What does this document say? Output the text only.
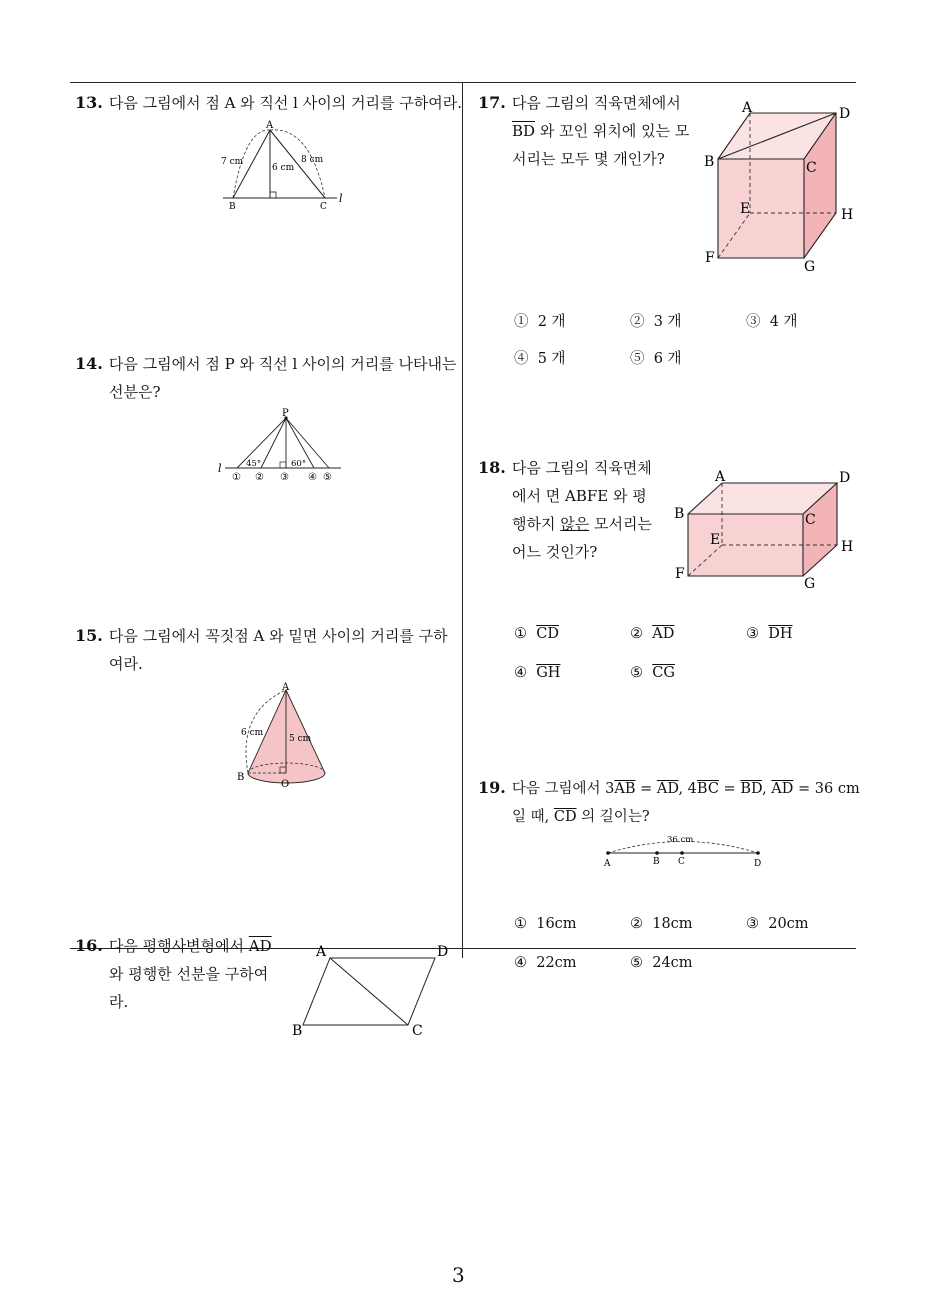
13. 다음 그림에서 점 A 와 직선 l 사이의 거리를 구하여라.
A
B	C
l
7 cm	8 cm
6 cm
14. 다음 그림에서 점 P 와 직선 l 사이의 거리를 나타내는
선분은?
P
l	45°	60°
① ② ③ ④ ⑤
15. 다음 그림에서 꼭짓점 A 와 밑면 사이의 거리를 구하
여라.
A
B
O
6 cm
5 cm
16. 다음 평행사변형에서 $\overline{AD}$
와 평행한 선분을 구하여
라.
A	D
B	C
17. 다음 그림의 직육면체에서
$\overline{BD}$ 와 꼬인 위치에 있는 모
서리는 모두 몇 개인가?
A	D
B	C
E	H
F
G
① 2 개	② 3 개	③ 4 개
④ 5 개	⑤ 6 개
18. 다음 그림의 직육면체
에서 면 ABFE 와 평
행하지 않은 모서리는
어느 것인가?
A	D
B	C
E	H
F
G
① $\overline{CD}$	② $\overline{AD}$	③ $\overline{DH}$
④ $\overline{GH}$	⑤ $\overline{CG}$
19. 다음 그림에서 $3\overline{AB} = \overline{AD}$, $4\overline{BC} = \overline{BD}$, $\overline{AD} = 36$ cm
일 때, $\overline{CD}$ 의 길이는?
36 cm
A	B C	D
① 16cm	② 18cm	③ 20cm
④ 22cm	⑤ 24cm
3
